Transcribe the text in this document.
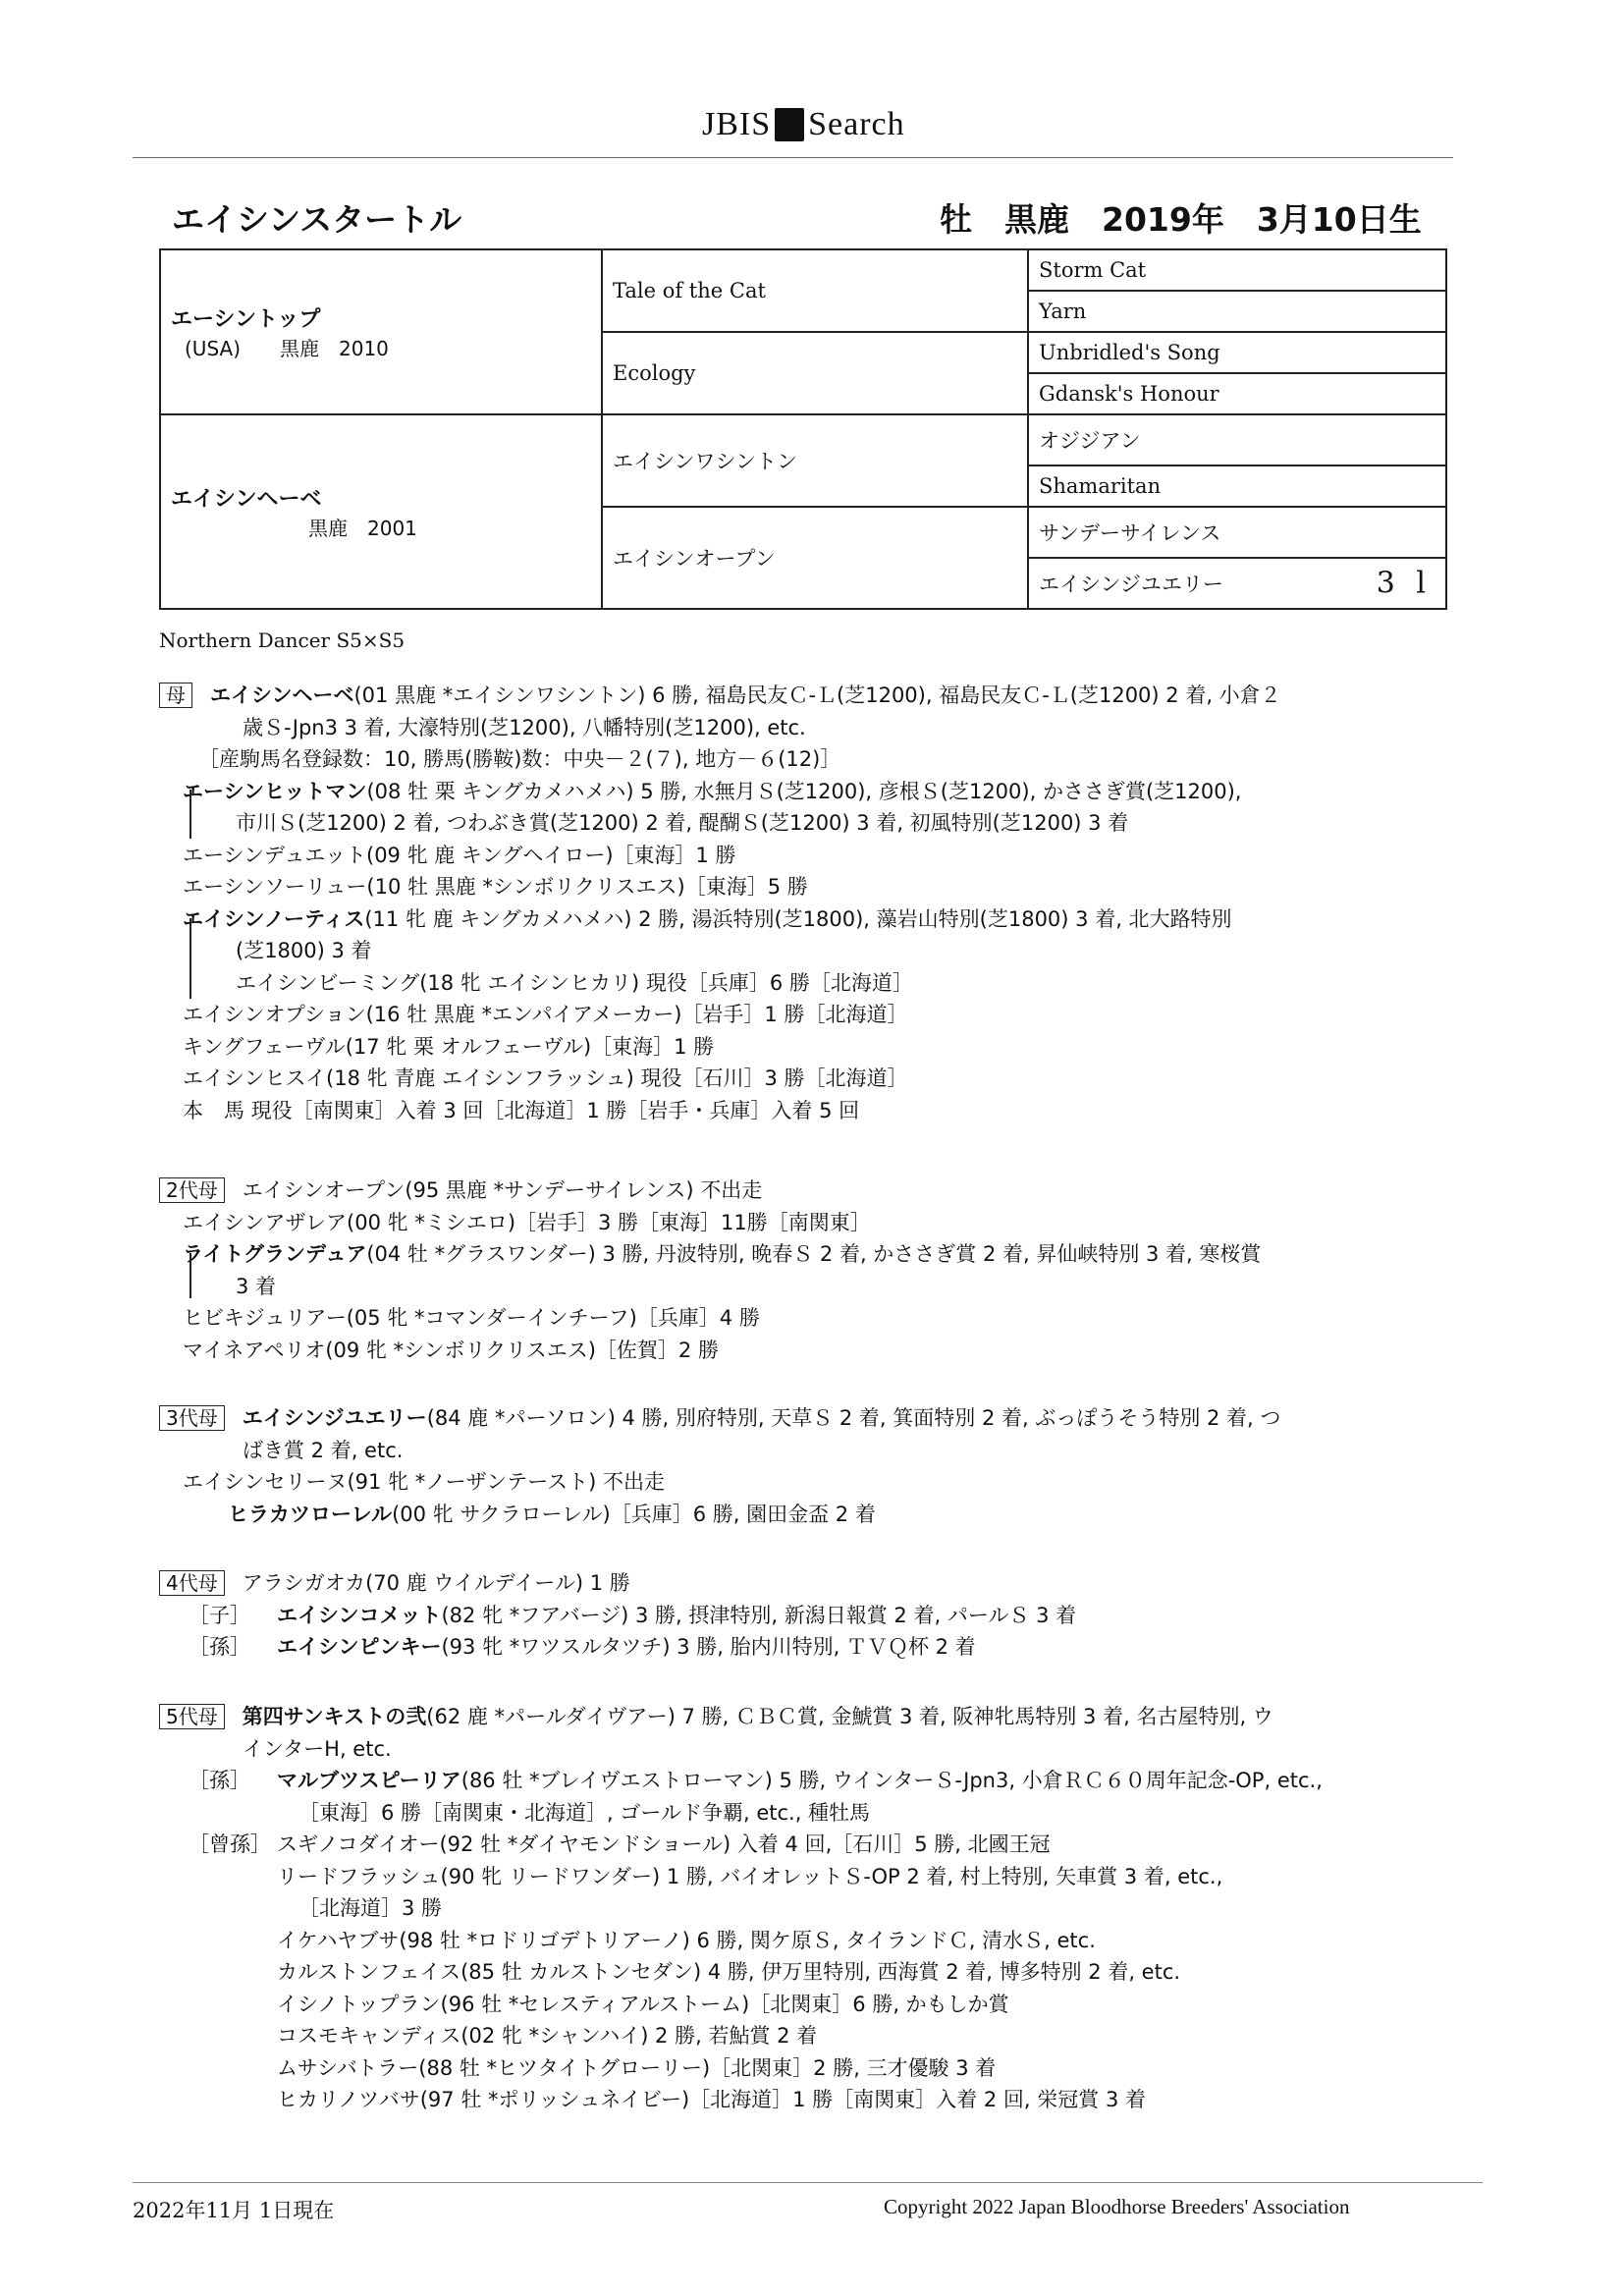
JBIS Search
エイシンスタートル	牡　黒鹿　2019年　3月10日生
エーシントップ
(USA)　　黒鹿　2010	Tale of the Cat	Storm Cat
		Yarn
	Ecology	Unbridled's Song
		Gdansk's Honour

エイシンヘーベ
黒鹿　2001	エイシンワシントン	オジジアン
		Shamaritan
	エイシンオープン	サンデーサイレンス
		エイシンジユエリー 3 l
Northern Dancer S5×S5
母 エイシンヘーベ(01 黒鹿 *エイシンワシントン) 6 勝, 福島民友Ｃ-Ｌ(芝1200), 福島民友Ｃ-Ｌ(芝1200) 2 着, 小倉２
歳Ｓ-Jpn3 3 着, 大濠特別(芝1200), 八幡特別(芝1200), etc.
［産駒馬名登録数：10, 勝馬(勝鞍)数：中央－２(７), 地方－６(12)］
エーシンヒットマン(08 牡 栗 キングカメハメハ) 5 勝, 水無月Ｓ(芝1200), 彦根Ｓ(芝1200), かささぎ賞(芝1200),
市川Ｓ(芝1200) 2 着, つわぶき賞(芝1200) 2 着, 醍醐Ｓ(芝1200) 3 着, 初風特別(芝1200) 3 着
エーシンデュエット(09 牝 鹿 キングヘイロー)［東海］1 勝
エーシンソーリュー(10 牡 黒鹿 *シンボリクリスエス)［東海］5 勝
エイシンノーティス(11 牝 鹿 キングカメハメハ) 2 勝, 湯浜特別(芝1800), 藻岩山特別(芝1800) 3 着, 北大路特別
(芝1800) 3 着
エイシンビーミング(18 牝 エイシンヒカリ) 現役［兵庫］6 勝［北海道］
エイシンオプション(16 牡 黒鹿 *エンパイアメーカー)［岩手］1 勝［北海道］
キングフェーヴル(17 牝 栗 オルフェーヴル)［東海］1 勝
エイシンヒスイ(18 牝 青鹿 エイシンフラッシュ) 現役［石川］3 勝［北海道］
本　馬 現役［南関東］入着 3 回［北海道］1 勝［岩手・兵庫］入着 5 回
2代母 エイシンオープン(95 黒鹿 *サンデーサイレンス) 不出走
エイシンアザレア(00 牝 *ミシエロ)［岩手］3 勝［東海］11勝［南関東］
ライトグランデュア(04 牡 *グラスワンダー) 3 勝, 丹波特別, 晩春Ｓ 2 着, かささぎ賞 2 着, 昇仙峡特別 3 着, 寒桜賞
3 着
ヒビキジュリアー(05 牝 *コマンダーインチーフ)［兵庫］4 勝
マイネアペリオ(09 牝 *シンボリクリスエス)［佐賀］2 勝
3代母 エイシンジユエリー(84 鹿 *パーソロン) 4 勝, 別府特別, 天草Ｓ 2 着, 箕面特別 2 着, ぶっぽうそう特別 2 着, つ
ばき賞 2 着, etc.
エイシンセリーヌ(91 牝 *ノーザンテースト) 不出走
ヒラカツローレル(00 牝 サクラローレル)［兵庫］6 勝, 園田金盃 2 着
4代母 アラシガオカ(70 鹿 ウイルデイール) 1 勝
［子］ エイシンコメット(82 牝 *フアバージ) 3 勝, 摂津特別, 新潟日報賞 2 着, パールＳ 3 着
［孫］ エイシンピンキー(93 牝 *ワツスルタツチ) 3 勝, 胎内川特別, ＴＶＱ杯 2 着
5代母 第四サンキストの弐(62 鹿 *パールダイヴアー) 7 勝, ＣＢＣ賞, 金鯱賞 3 着, 阪神牝馬特別 3 着, 名古屋特別, ウ
インターH, etc.
［孫］ マルブツスピーリア(86 牡 *ブレイヴエストローマン) 5 勝, ウインターＳ-Jpn3, 小倉ＲＣ６０周年記念-OP, etc.,
［東海］6 勝［南関東・北海道］, ゴールド争覇, etc., 種牡馬
［曾孫］ スギノコダイオー(92 牡 *ダイヤモンドショール) 入着 4 回,［石川］5 勝, 北國王冠
リードフラッシュ(90 牝 リードワンダー) 1 勝, バイオレットＳ-OP 2 着, 村上特別, 矢車賞 3 着, etc.,
［北海道］3 勝
イケハヤブサ(98 牡 *ロドリゴデトリアーノ) 6 勝, 関ケ原Ｓ, タイランドＣ, 清水Ｓ, etc.
カルストンフェイス(85 牡 カルストンセダン) 4 勝, 伊万里特別, 西海賞 2 着, 博多特別 2 着, etc.
イシノトップラン(96 牡 *セレスティアルストーム)［北関東］6 勝, かもしか賞
コスモキャンディス(02 牝 *シャンハイ) 2 勝, 若鮎賞 2 着
ムサシバトラー(88 牡 *ヒツタイトグローリー)［北関東］2 勝, 三才優駿 3 着
ヒカリノツバサ(97 牡 *ポリッシュネイビー)［北海道］1 勝［南関東］入着 2 回, 栄冠賞 3 着
2022年11月 1日現在	Copyright 2022 Japan Bloodhorse Breeders' Association
